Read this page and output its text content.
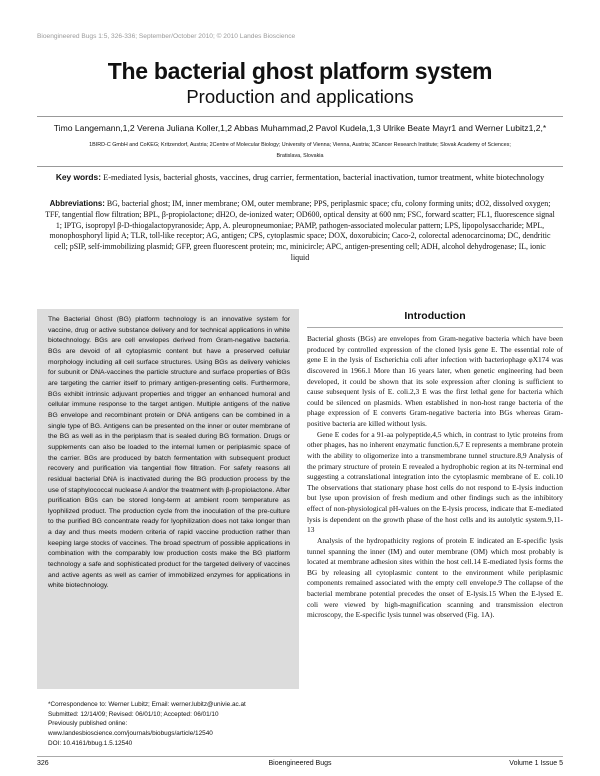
Bioengineered Bugs 1:5, 326-336; September/October 2010; © 2010 Landes Bioscience
The bacterial ghost platform system
Production and applications
Timo Langemann,1,2 Verena Juliana Koller,1,2 Abbas Muhammad,2 Pavol Kudela,1,3 Ulrike Beate Mayr1 and Werner Lubitz1,2,*
1BIRD-C GmbH and CoKEG; Kritzendorf, Austria; 2Centre of Molecular Biology; University of Vienna; Vienna, Austria; 3Cancer Research Institute; Slovak Academy of Sciences;
Bratislava, Slovakia
Key words: E-mediated lysis, bacterial ghosts, vaccines, drug carrier, fermentation, bacterial inactivation, tumor treatment, white biotechnology
Abbreviations: BG, bacterial ghost; IM, inner membrane; OM, outer membrane; PPS, periplasmic space; cfu, colony forming units; dO2, dissolved oxygen; TFF, tangential flow filtration; BPL, β-propiolactone; dH2O, de-ionized water; OD600, optical density at 600 nm; FSC, forward scatter; FL1, fluorescence signal 1; IPTG, isopropyl β-D-thiogalactopyranoside; App, A. pleuropneumoniae; PAMP, pathogen-associated molecular pattern; LPS, lipopolysaccharide; MPL, monophosphoryl lipid A; TLR, toll-like receptor; AG, antigen; CPS, cytoplasmic space; DOX, doxorubicin; Caco-2, colorectal adenocarcinoma; DC, dendritic cell; pSIP, self-immobilizing plasmid; GFP, green fluorescent protein; mc, minicircle; APC, antigen-presenting cell; ADH, alcohol dehydrogenase; IL, ionic liquid
The Bacterial Ghost (BG) platform technology is an innovative system for vaccine, drug or active substance delivery and for technical applications in white biotechnology. BGs are cell envelopes derived from Gram-negative bacteria. BGs are devoid of all cytoplasmic content but have a preserved cellular morphology including all cell surface structures. Using BGs as delivery vehicles for subunit or DNA-vaccines the particle structure and surface properties of BGs are targeting the carrier itself to primary antigen-presenting cells. Furthermore, BGs exhibit intrinsic adjuvant properties and trigger an enhanced humoral and cellular immune response to the target antigen. Multiple antigens of the native BG envelope and recombinant protein or DNA antigens can be combined in a single type of BG. Antigens can be presented on the inner or outer membrane of the BG as well as in the periplasm that is sealed during BG formation. Drugs or supplements can also be loaded to the internal lumen or periplasmic space of the carrier. BGs are produced by batch fermentation with subsequent product recovery and purification via tangential flow filtration. For safety reasons all residual bacterial DNA is inactivated during the BG production process by the use of staphylococcal nuclease A and/or the treatment with β-propiolactone. After purification BGs can be stored long-term at ambient room temperature as lyophilized product. The production cycle from the inoculation of the pre-culture to the purified BG concentrate ready for lyophilization does not take longer than a day and thus meets modern criteria of rapid vaccine production rather than keeping large stocks of vaccines. The broad spectrum of possible applications in combination with the comparably low production costs make the BG platform technology a safe and sophisticated product for the targeted delivery of vaccines and active agents as well as carrier of immobilized enzymes for applications in white biotechnology.
*Correspondence to: Werner Lubitz; Email: werner.lubitz@univie.ac.at
Submitted: 12/14/09; Revised: 06/01/10; Accepted: 06/01/10
Previously published online:
www.landesbioscience.com/journals/biobugs/article/12540
DOI: 10.4161/bbug.1.5.12540
Introduction

Bacterial ghosts (BGs) are envelopes from Gram-negative bacteria which have been produced by controlled expression of the cloned lysis gene E. The essential role of gene E in the lysis of Escherichia coli after infection with bacteriophage φX174 was discovered in 1966.1 More than 16 years later, when genetic engineering had been developed, it could be shown that its sole expression after cloning is sufficient to cause subsequent lysis of E. coli.2,3 E was the first lethal gene for bacteria which could be silenced on plasmids. When established in non-host range bacteria of the phage expression of E converts Gram-negative bacteria into BGs whereas Gram-positive bacteria are killed without lysis.

Gene E codes for a 91-aa polypeptide,4,5 which, in contrast to lytic proteins from other phages, has no inherent enzymatic function.6,7 E represents a membrane protein with the ability to oligomerize into a transmembrane tunnel structure.8,9 Analysis of the primary structure of protein E revealed a hydrophobic region at its N-terminal end suggesting a cotranslational integration into the cytoplasmic membrane of E. coli.10 The observations that stationary phase host cells do not respond to E-lysis induction but lyse upon provision of fresh medium and other findings such as the inhibitory effect of non-physiological pH-values on the E-lysis process, indicate that E-mediated lysis is dependent on the growth phase of the host cells and its autolytic system.9,11-13

Analysis of the hydropathicity regions of protein E indicated an E-specific lysis tunnel spanning the inner (IM) and outer membrane (OM) which most probably is located at membrane adhesion sites within the host cell.14 E-mediated lysis forms the BG by releasing all cytoplasmic content to the environment while periplasmic components remained associated with the empty cell envelope.9 The collapse of the bacterial membrane potential precedes the onset of E-lysis.15 When the E-lysed E. coli were viewed by high-magnification scanning and transmission electron microscopy, the E-specific lysis tunnel was observed (Fig. 1A).

326	Bioengineered Bugs	Volume 1 Issue 5
